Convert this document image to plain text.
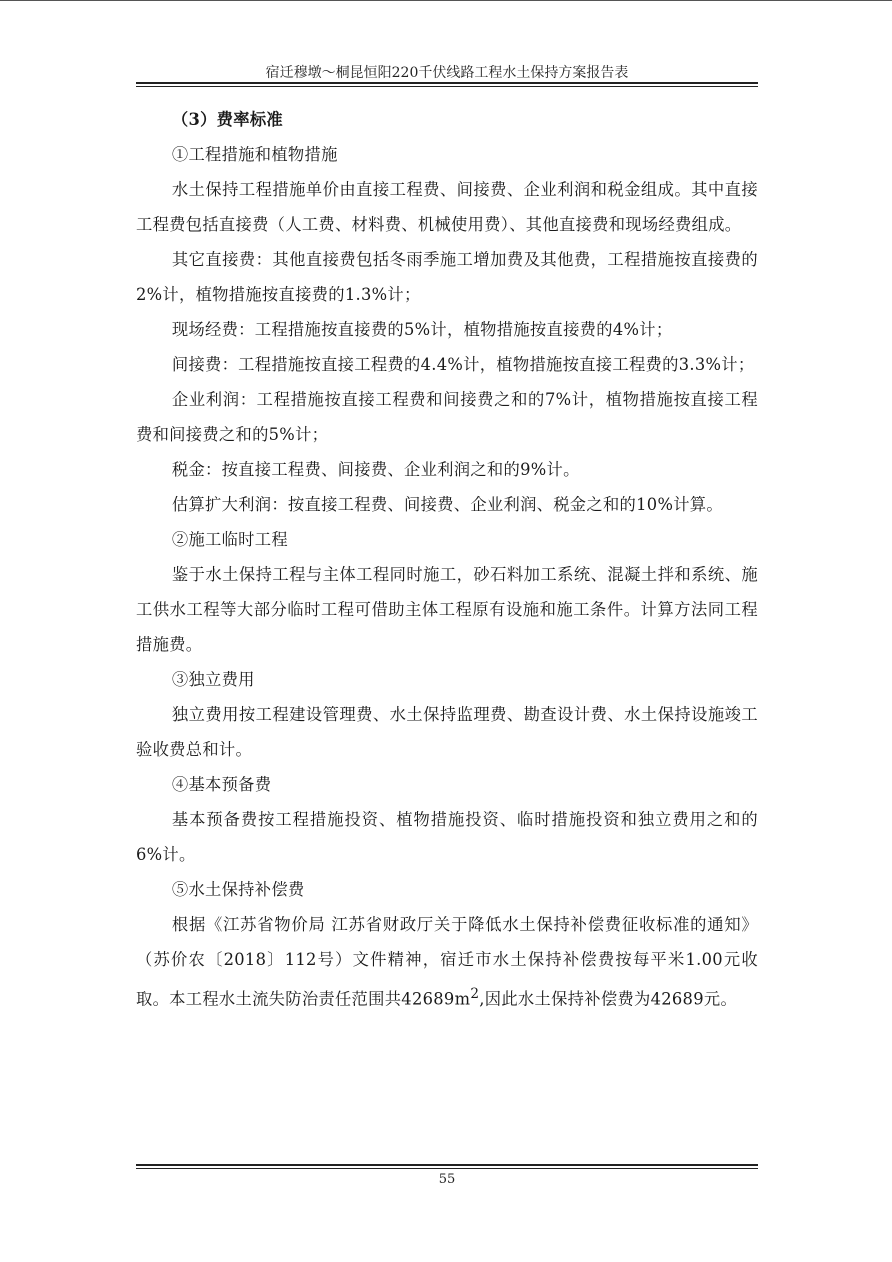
宿迁穆墩～桐昆恒阳220千伏线路工程水土保持方案报告表

（3）费率标准

①工程措施和植物措施

水土保持工程措施单价由直接工程费、间接费、企业利润和税金组成。其中直接工程费包括直接费（人工费、材料费、机械使用费）、其他直接费和现场经费组成。

其它直接费：其他直接费包括冬雨季施工增加费及其他费，工程措施按直接费的2%计，植物措施按直接费的1.3%计；

现场经费：工程措施按直接费的5%计，植物措施按直接费的4%计；

间接费：工程措施按直接工程费的4.4%计，植物措施按直接工程费的3.3%计；

企业利润：工程措施按直接工程费和间接费之和的7%计，植物措施按直接工程费和间接费之和的5%计；

税金：按直接工程费、间接费、企业利润之和的9%计。

估算扩大利润：按直接工程费、间接费、企业利润、税金之和的10%计算。

②施工临时工程

鉴于水土保持工程与主体工程同时施工，砂石料加工系统、混凝土拌和系统、施工供水工程等大部分临时工程可借助主体工程原有设施和施工条件。计算方法同工程措施费。

③独立费用

独立费用按工程建设管理费、水土保持监理费、勘查设计费、水土保持设施竣工验收费总和计。

④基本预备费

基本预备费按工程措施投资、植物措施投资、临时措施投资和独立费用之和的6%计。

⑤水土保持补偿费

根据《江苏省物价局 江苏省财政厅关于降低水土保持补偿费征收标准的通知》（苏价农〔2018〕112号）文件精神，宿迁市水土保持补偿费按每平米1.00元收取。本工程水土流失防治责任范围共$42689m^2$,因此水土保持补偿费为42689元。

55
